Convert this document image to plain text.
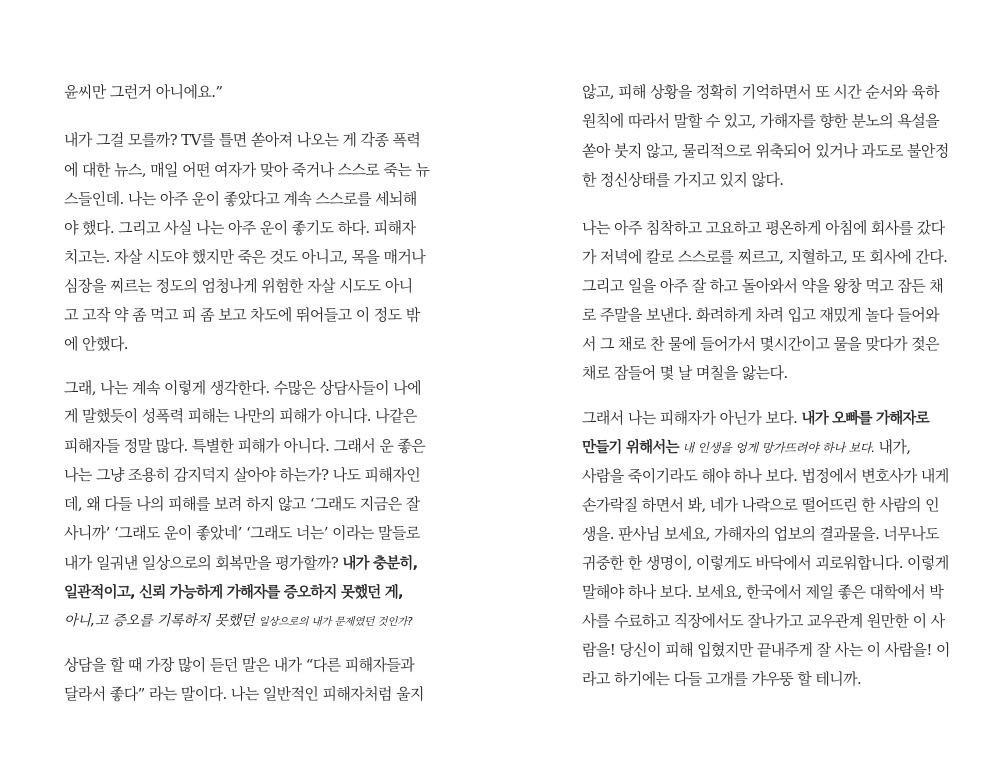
윤씨만 그런거 아니에요.”
내가 그걸 모를까? TV를 틀면 쏟아져 나오는 게 각종 폭력
에 대한 뉴스, 매일 어떤 여자가 맞아 죽거나 스스로 죽는 뉴
스들인데. 나는 아주 운이 좋았다고 계속 스스로를 세뇌해
야 했다. 그리고 사실 나는 아주 운이 좋기도 하다. 피해자
치고는. 자살 시도야 했지만 죽은 것도 아니고, 목을 매거나
심장을 찌르는 정도의 엄청나게 위험한 자살 시도도 아니
고 고작 약 좀 먹고 피 좀 보고 차도에 뛰어들고 이 정도 밖
에 안했다.
그래, 나는 계속 이렇게 생각한다. 수많은 상담사들이 나에
게 말했듯이 성폭력 피해는 나만의 피해가 아니다. 나같은
피해자들 정말 많다. 특별한 피해가 아니다. 그래서 운 좋은
나는 그냥 조용히 감지덕지 살아야 하는가? 나도 피해자인
데, 왜 다들 나의 피해를 보려 하지 않고 ‘그래도 지금은 잘
사니까’ ‘그래도 운이 좋았네’ ‘그래도 너는’ 이라는 말들로
내가 일궈낸 일상으로의 회복만을 평가할까? 내가 충분히,
일관적이고, 신뢰 가능하게 가해자를 증오하지 못했던 게,
아니,고 증오를 기록하지 못했던 일상으로의 내가 문제였던 것인가?
상담을 할 때 가장 많이 듣던 말은 내가 “다른 피해자들과
달라서 좋다” 라는 말이다. 나는 일반적인 피해자처럼 울지
않고, 피해 상황을 정확히 기억하면서 또 시간 순서와 육하
원칙에 따라서 말할 수 있고, 가해자를 향한 분노의 욕설을
쏟아 붓지 않고, 물리적으로 위축되어 있거나 과도로 불안정
한 정신상태를 가지고 있지 않다.
나는 아주 침착하고 고요하고 평온하게 아침에 회사를 갔다
가 저녁에 칼로 스스로를 찌르고, 지혈하고, 또 회사에 간다.
그리고 일을 아주 잘 하고 돌아와서 약을 왕창 먹고 잠든 채
로 주말을 보낸다. 화려하게 차려 입고 재밌게 놀다 들어와
서 그 채로 찬 물에 들어가서 몇시간이고 물을 맞다가 젖은
채로 잠들어 몇 날 며칠을 앓는다.
그래서 나는 피해자가 아닌가 보다. 내가 오빠를 가해자로
만들기 위해서는 내 인생을 엉게 망가뜨려야 하나 보다. 내가,
사람을 죽이기라도 해야 하나 보다. 법정에서 변호사가 내게
손가락질 하면서 봐, 네가 나락으로 떨어뜨린 한 사람의 인
생을. 판사님 보세요, 가해자의 업보의 결과물을. 너무나도
귀중한 한 생명이, 이렇게도 바닥에서 괴로워합니다. 이렇게
말해야 하나 보다. 보세요, 한국에서 제일 좋은 대학에서 박
사를 수료하고 직장에서도 잘나가고 교우관계 원만한 이 사
람을! 당신이 피해 입혔지만 끝내주게 잘 사는 이 사람을! 이
라고 하기에는 다들 고개를 갸우뚱 할 테니까.
